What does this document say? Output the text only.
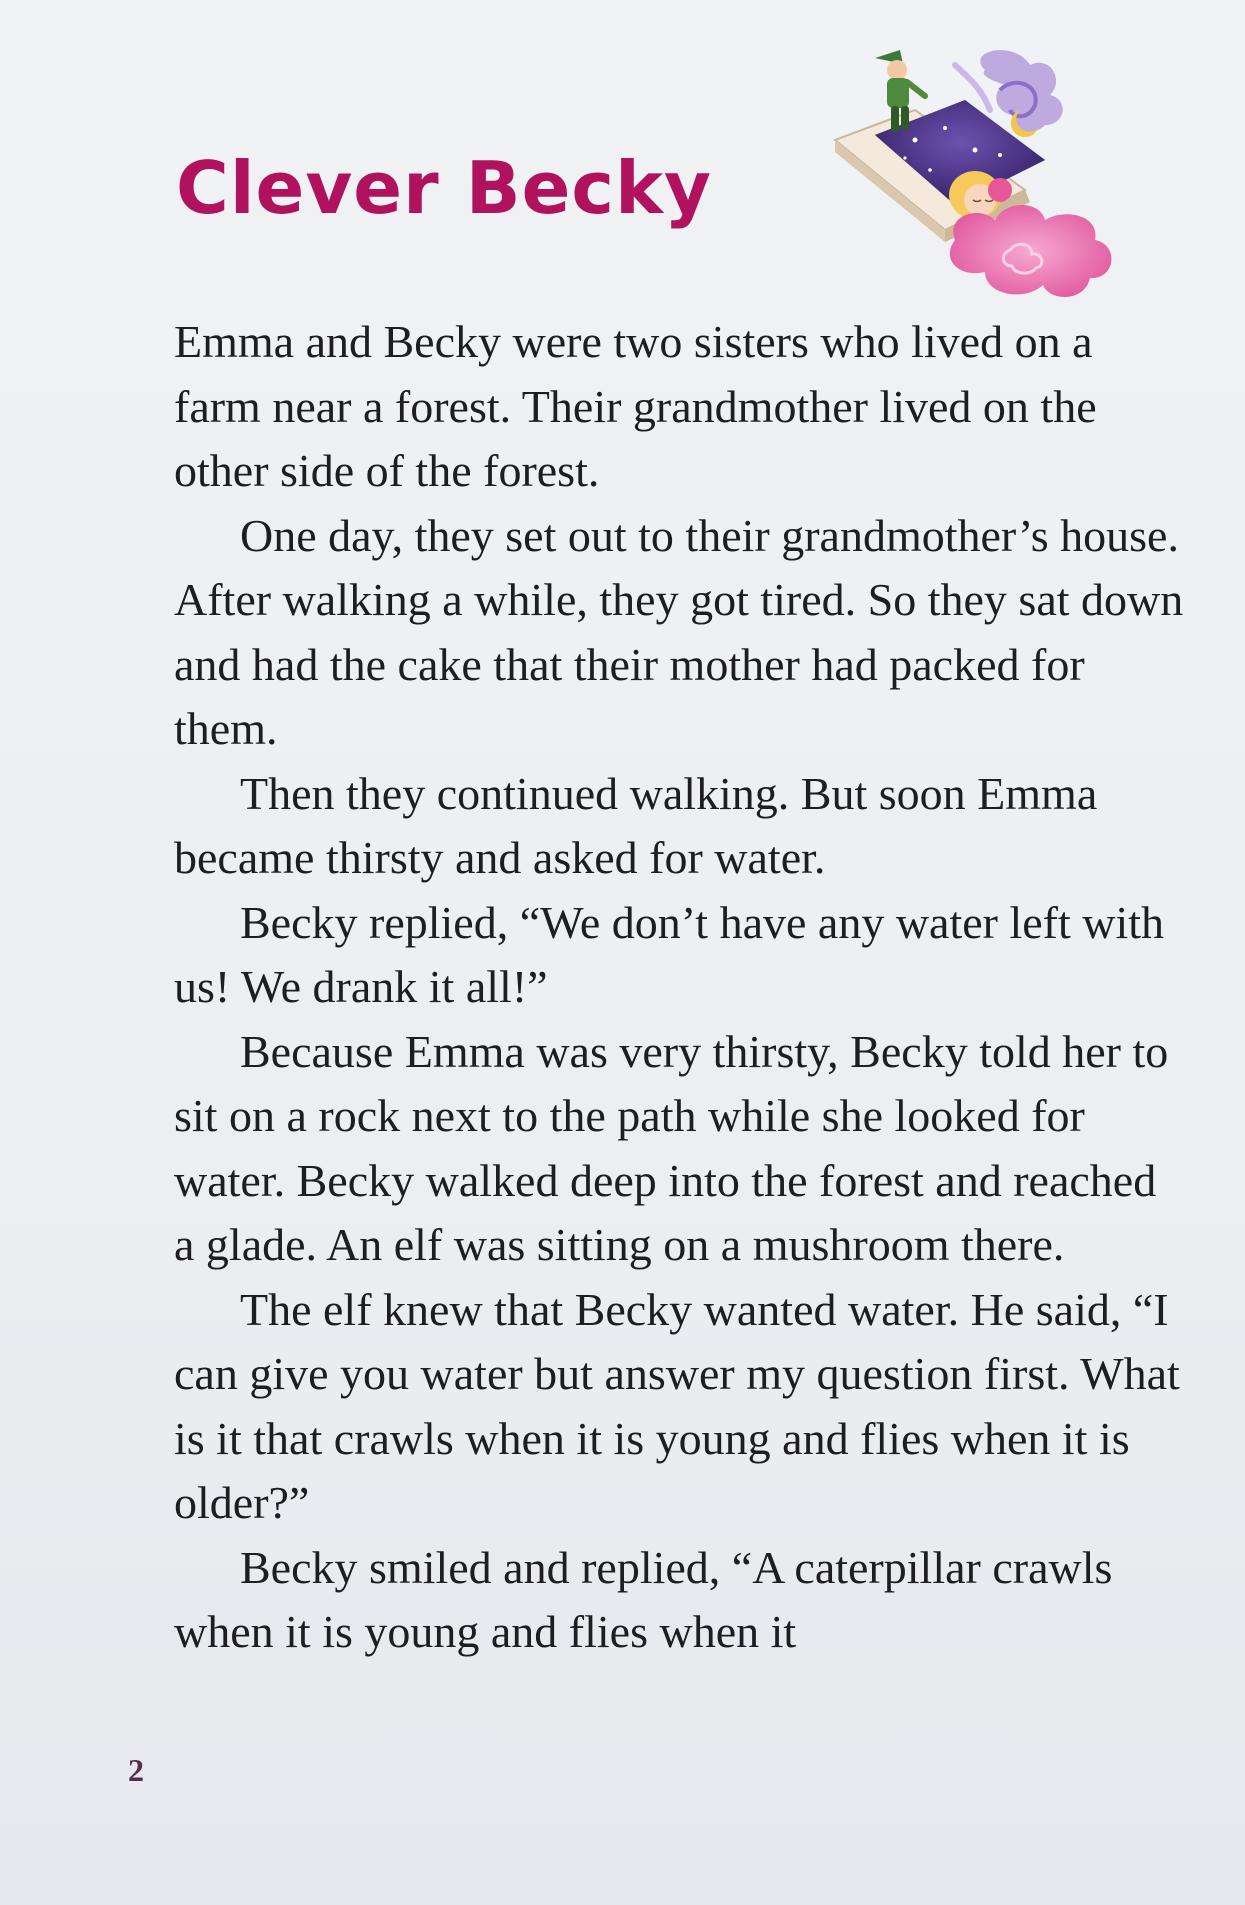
Clever Becky

Emma and Becky were two sisters who lived on a farm near a forest. Their grandmother lived on the other side of the forest.

One day, they set out to their grandmother’s house. After walking a while, they got tired. So they sat down and had the cake that their mother had packed for them.

Then they continued walking. But soon Emma became thirsty and asked for water.

Becky replied, “We don’t have any water left with us! We drank it all!”

Because Emma was very thirsty, Becky told her to sit on a rock next to the path while she looked for water. Becky walked deep into the forest and reached a glade. An elf was sitting on a mushroom there.

The elf knew that Becky wanted water. He said, “I can give you water but answer my question first. What is it that crawls when it is young and flies when it is older?”

Becky smiled and replied, “A caterpillar crawls when it is young and flies when it

2
